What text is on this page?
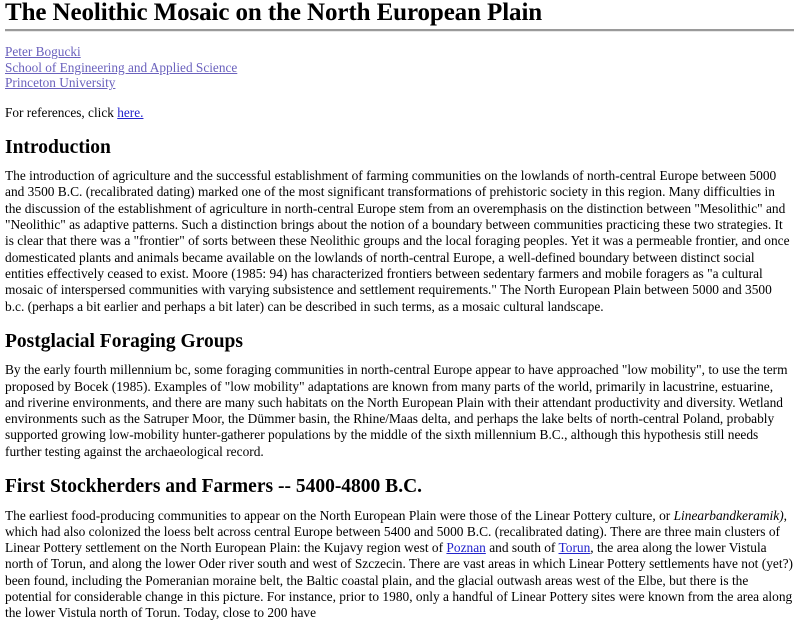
The Neolithic Mosaic on the North European Plain
Peter Bogucki
School of Engineering and Applied Science
Princeton University
For references, click here.
Introduction

The introduction of agriculture and the successful establishment of farming communities on the lowlands of north-central Europe between 5000 and 3500 B.C. (recalibrated dating) marked one of the most significant transformations of prehistoric society in this region. Many difficulties in the discussion of the establishment of agriculture in north-central Europe stem from an overemphasis on the distinction between "Mesolithic" and "Neolithic" as adaptive patterns. Such a distinction brings about the notion of a boundary between communities practicing these two strategies. It is clear that there was a "frontier" of sorts between these Neolithic groups and the local foraging peoples. Yet it was a permeable frontier, and once domesticated plants and animals became available on the lowlands of north-central Europe, a well-defined boundary between distinct social entities effectively ceased to exist. Moore (1985: 94) has characterized frontiers between sedentary farmers and mobile foragers as "a cultural mosaic of interspersed communities with varying subsistence and settlement requirements." The North European Plain between 5000 and 3500 b.c. (perhaps a bit earlier and perhaps a bit later) can be described in such terms, as a mosaic cultural landscape.

Postglacial Foraging Groups

By the early fourth millennium bc, some foraging communities in north-central Europe appear to have approached "low mobility", to use the term proposed by Bocek (1985). Examples of "low mobility" adaptations are known from many parts of the world, primarily in lacustrine, estuarine, and riverine environments, and there are many such habitats on the North European Plain with their attendant productivity and diversity. Wetland environments such as the Satruper Moor, the Dümmer basin, the Rhine/Maas delta, and perhaps the lake belts of north-central Poland, probably supported growing low-mobility hunter-gatherer populations by the middle of the sixth millennium B.C., although this hypothesis still needs further testing against the archaeological record.

First Stockherders and Farmers -- 5400-4800 B.C.

The earliest food-producing communities to appear on the North European Plain were those of the Linear Pottery culture, or Linearbandkeramik), which had also colonized the loess belt across central Europe between 5400 and 5000 B.C. (recalibrated dating). There are three main clusters of Linear Pottery settlement on the North European Plain: the Kujavy region west of Poznan and south of Torun, the area along the lower Vistula north of Torun, and along the lower Oder river south and west of Szczecin. There are vast areas in which Linear Pottery settlements have not (yet?) been found, including the Pomeranian moraine belt, the Baltic coastal plain, and the glacial outwash areas west of the Elbe, but there is the potential for considerable change in this picture. For instance, prior to 1980, only a handful of Linear Pottery sites were known from the area along the lower Vistula north of Torun. Today, close to 200 have
